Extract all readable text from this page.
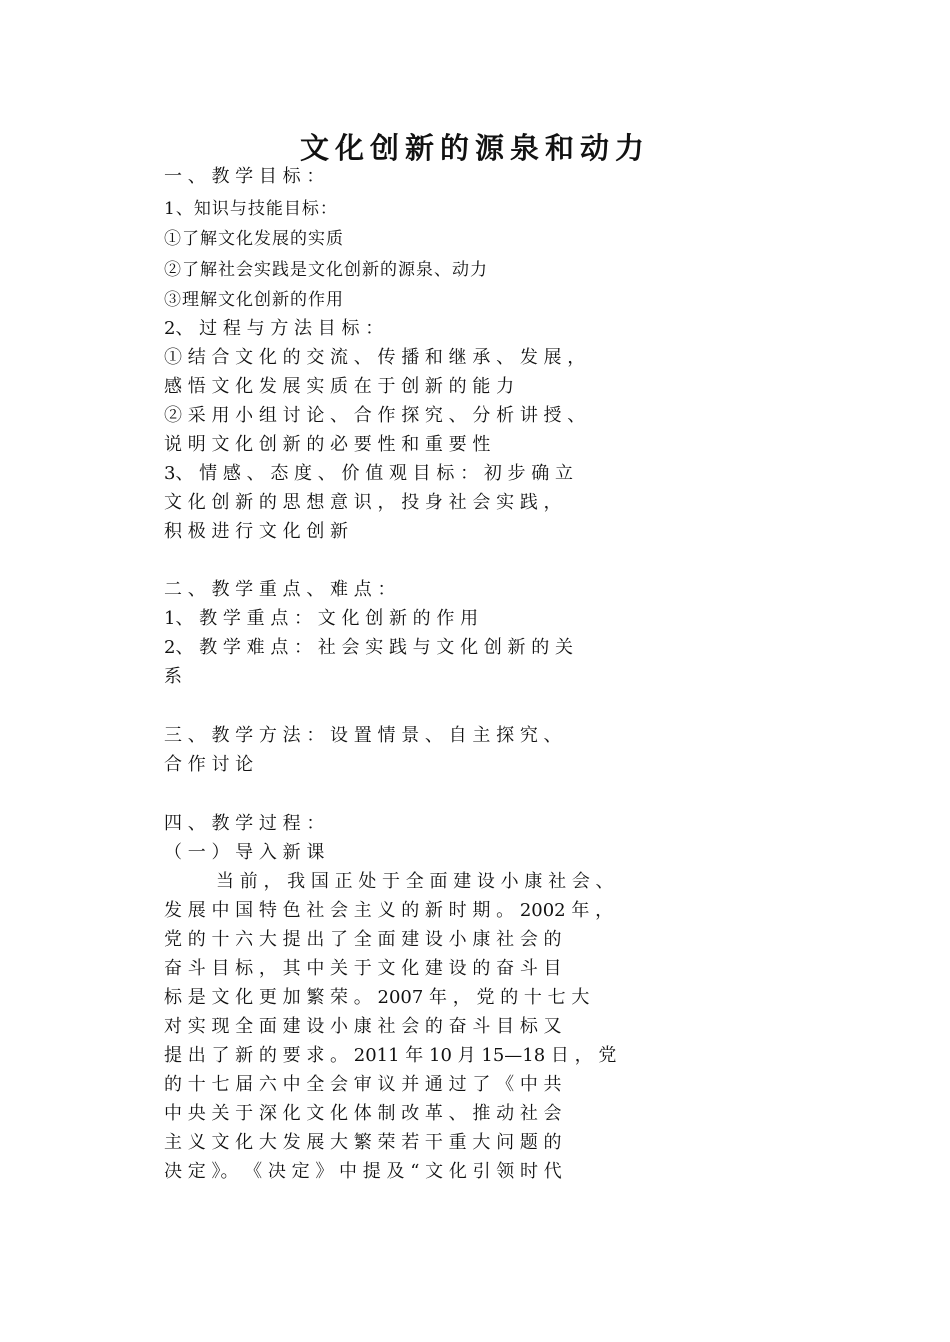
文化创新的源泉和动力
一 、 教 学 目 标 ：
1、知识与技能目标：
①了解文化发展的实质
②了解社会实践是文化创新的源泉、动力
③理解文化创新的作用
2、 过 程 与 方 法 目 标 ：
① 结 合 文 化 的 交 流 、 传 播 和 继 承 、 发 展 ，
感 悟 文 化 发 展 实 质 在 于 创 新 的 能 力
② 采 用 小 组 讨 论 、 合 作 探 究 、 分 析 讲 授 、
说 明 文 化 创 新 的 必 要 性 和 重 要 性
3、 情 感 、 态 度 、 价 值 观 目 标 ： 初 步 确 立
文 化 创 新 的 思 想 意 识 ， 投 身 社 会 实 践 ，
积 极 进 行 文 化 创 新
二 、 教 学 重 点 、 难 点 ：
1、 教 学 重 点 ： 文 化 创 新 的 作 用
2、 教 学 难 点 ： 社 会 实 践 与 文 化 创 新 的 关
系
三 、 教 学 方 法 ： 设 置 情 景 、 自 主 探 究 、
合 作 讨 论
四 、 教 学 过 程 ：
（ 一 ） 导 入 新 课
当 前 ， 我 国 正 处 于 全 面 建 设 小 康 社 会 、
发 展 中 国 特 色 社 会 主 义 的 新 时 期 。 2002 年 ，
党 的 十 六 大 提 出 了 全 面 建 设 小 康 社 会 的
奋 斗 目 标 ， 其 中 关 于 文 化 建 设 的 奋 斗 目
标 是 文 化 更 加 繁 荣 。 2007 年 ， 党 的 十 七 大
对 实 现 全 面 建 设 小 康 社 会 的 奋 斗 目 标 又
提 出 了 新 的 要 求 。 2011 年 10 月 15—18 日 ， 党
的 十 七 届 六 中 全 会 审 议 并 通 过 了 《 中 共
中 央 关 于 深 化 文 化 体 制 改 革 、 推 动 社 会
主 义 文 化 大 发 展 大 繁 荣 若 干 重 大 问 题 的
决 定 》。 《 决 定 》 中 提 及 “ 文 化 引 领 时 代
